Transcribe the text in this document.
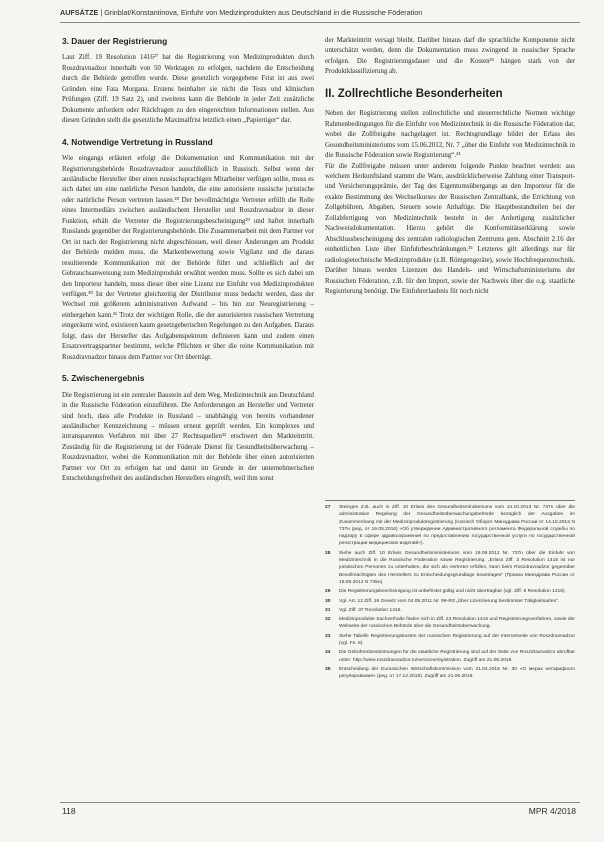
AUFSÄTZE | Grinblat/Konstantinova, Einfuhr von Medizinprodukten aus Deutschland in die Russische Föderation
3. Dauer der Registrierung

Laut Ziff. 19 Resolution 1416²⁷ hat die Registrierung von Medizinprodukten durch Roszdravnadzor innerhalb von 50 Werktagen zu erfolgen, nachdem die Entscheidung durch die Behörde getroffen wurde. Diese gesetzlich vorgegebene Frist ist aus zwei Gründen eine Fata Morgana. Erstens beinhaltet sie nicht die Tests und klinischen Prüfungen (Ziff. 19 Satz 2), und zweitens kann die Behörde in jeder Zeit zusätzliche Dokumente anfordern oder Rückfragen zu den eingereichten Informationen stellen. Aus diesen Gründen stellt die gesetzliche Maximalfrist letztlich einen „Papiertiger“ dar.

4. Notwendige Vertretung in Russland

Wie eingangs erläutert erfolgt die Dokumentation und Kommunikation mit der Registrierungsbehörde Roszdravnadzor ausschließlich in Russisch. Selbst wenn der ausländische Hersteller über einen russischsprachigen Mitarbeiter verfügen sollte, muss es sich dabei um eine natürliche Person handeln, die eine autorisierte russische juristische oder natürliche Person vertreten lassen.²⁸ Der bevollmächtigte Vertreter erfüllt die Rolle eines Intermediärs zwischen ausländischem Hersteller und Roszdravnadzor in dieser Funktion, erhält die Vertreter die Registrierungsbescheinigung²⁹ und haftet innerhalb Russlands gegenüber der Registrierungsbehörde. Die Zusammenarbeit mit dem Partner vor Ort ist nach der Registrierung nicht abgeschlossen, weil dieser Änderungen am Produkt der Behörde melden muss, die Markenbewertung sowie Vigilanz und die daraus resultierende Kommunikation mit der Behörde führt und schließlich auf der Gebrauchsanweisung zum Medizinprodukt erwähnt werden muss. Sollte es sich dabei um den Importeur handeln, muss dieser über eine Lizenz zur Einfuhr von Medizinprodukten verfügen.³⁰ Ist der Vertreter gleichzeitig der Distributor muss bedacht werden, dass der Wechsel mit größerem administrativen Aufwand – bis hin zur Neuregistrierung – einhergehen kann.³¹ Trotz der wichtigen Rolle, die der autorisierten russischen Vertretung eingeräumt wird, existieren kaum gesetzgeberischen Regelungen zu den Aufgaben. Daraus folgt, dass der Hersteller das Aufgabenspektrum definieren kann und zudem einen Ersatzvertragspartner bestimmt, welche Pflichten er über die reine Kommunikation mit Roszdravnadzor hinaus dem Partner vor Ort überträgt.

5. Zwischenergebnis

Die Registrierung ist ein zentraler Baustein auf dem Weg, Medizintechnik aus Deutschland in die Russische Föderation einzuführen. Die Anforderungen an Hersteller und Vertreter sind hoch, dass alle Produkte in Russland – unabhängig von bereits vorhandener ausländischer Kennzeichnung – müssen erneut geprüft werden. Ein komplexes und intransparentes Verfahren mit über 27 Rechtsquellen³² erschwert den Markteintritt. Zuständig für die Registrierung ist der Föderale Dienst für Gesundheitsüberwachung – Roszdravnadzor, wobei die Kommunikation mit der Behörde über einen autorisierten Partner vor Ort zu erfolgen hat und damit im Grunde in der unternehmerischen Entscheidungsfreiheit des ausländischen Herstellers eingreift, weil ihm sonst

der Markteintritt versagt bleibt. Darüber hinaus darf die sprachliche Komponente nicht unterschätzt werden, denn die Dokumentation muss zwingend in russischer Sprache erfolgen. Die Registrierungsdauer und die Kosten³³ hängen stark von der Produktklassifizierung ab.

II. Zollrechtliche Besonderheiten

Neben der Registrierung stellen zollrechtliche und steuerrechtliche Normen wichtige Rahmenbedingungen für die Einfuhr von Medizintechnik in die Russische Föderation dar, wobei die Zollfreigabe nachgelagert ist. Rechtsgrundlage bildet der Erlass des Gesundheitsministeriums vom 15.06.2012, Nr. 7 „über die Einfuhr von Medizintechnik in die Russische Föderation sowie Registrierung“.³⁴

Für die Zollfreigabe müssen unter anderem folgende Punkte beachtet werden: aus welchem Herkunftsland stammt die Ware, ausdrücklicherweise Zahlung einer Transport- und Versicherungsprämie, der Tag des Eigentumsübergangs an den Importeur für die exakte Bestimmung des Wechselkurses der Russischen Zentralbank, die Errichtung von Zollgebühren, Abgaben, Steuern sowie Anhaftige. Die Hauptbestandteilen bei der Zollabfertigung von Medizintechnik besteht in der Anfertigung zusätzlicher Nachweisdokumentation. Hierzu gehört die Konformitätserklärung sowie Abschlussbescheinigung des zentralen radiologischen Zentrums gem. Abschnitt 2.16 der einheitlichen Liste über Einfuhrbeschränkungen.³⁵ Letzteres gilt allerdings nur für radiologietechnische Medizinprodukte (z.B. Röntgengeräte), sowie Hochfrequenztechnik. Darüber hinaus werden Lizenzen des Handels- und Wirtschaftsministeriums der Russischen Föderation, z.B. für den Import, sowie der Nachweis über die o.g. staatliche Registrierung benötigt. Die Einfuhrerlaubnis für noch nicht

27	Steingen Z.B. auch in Ziff. 10 Erlass des Gesundheitsministeriums vom 14.10.2013 Nr. 737n über die administrative Regelung der Gesundheitsüberwachungsbehörde bezüglich der Ausgaben im Zusammenhang mit der Medizinproduktregistrierung (russisch Оборот Минздрава России от 14.10.2013 N 737н (ред. от 16.05.2016) «Об утверждении Административного регламента Федеральной службы по надзору в сфере здравоохранения по предоставлению государственной услуги по государственной регистрации медицинских изделий»).
28	Siehe auch Ziff. 10 Erlass Gesundheitsministeriums vom 19.06.2012 Nr. 737n über die Einfuhr von Medizintechnik in die Russische Föderation sowie Registrierung. „Erlass Ziff. 3 Resolution 1416 ist nur juristischen Personen zu unterhalten, die sich als Vertreter erfüllen, kann beim Roszdravnadzor gegenüber Bevollmächtigten des Herstellers zu Entscheidungsgrundlage beantragen“ (Приказ Минздрава России от 19.06.2012 N 735н).
29	Die Registrierungsbescheinigung ist unbefristet gültig und nicht übertragbar (vgl. Ziff. 6 Resolution 1416).
30	Vgl. Art. 12 Ziff. 19 Gesetz vom 04.05.2011 Nr. 99-ФЗ „Über Lizenzierung bestimmter Tätigkeitsarten“.
31	Vgl. Ziff. 37 Resolution 1416.
32	Medizinprodukte Sachverhalte finden sich in Ziff. 23 Resolution 1416 und Registrierungsverfahren, sowie der Webseite der russischen Behörde über die Gesundheitsüberwachung.
33	Siehe Tabelle Registrierungskosten der russischen Registrierung auf der Internetseite von Roszdravnadzor (vgl. Fn. 8).
34	Die Gebührenbestimmungen für die staatliche Registrierung sind auf der Seite von Roszdravnadzor abrufbar unter: http://www.roszdravnadzor.ru/services/registration. Zugriff am 21.06.2018.
35	Entscheidung der Eurasischen Wirtschaftskommission vom 21.04.2015 Nr. 30 «О мерах нетарифного регулирования» (ред. от 17.12.2018). Zugriff am 21.06.2018.
118	MPR 4/2018
